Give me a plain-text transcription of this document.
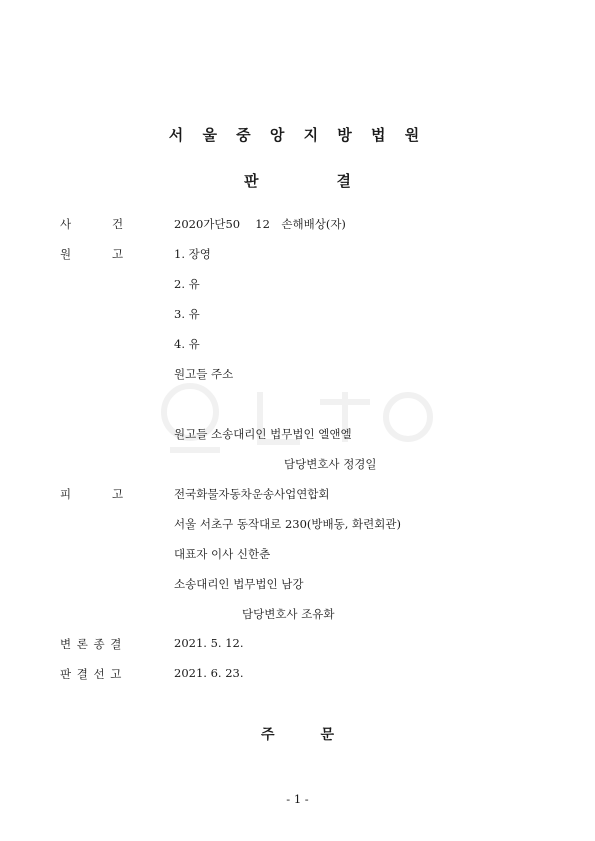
서 울 중 앙 지 방 법 원
판	결
사	건	2020가단50　 12　손해배상(자)
원	고	1. 장영
2. 유
3. 유
4. 유
원고들 주소
원고들 소송대리인 법무법인 엘앤엘
담당변호사 정경일
피	고	전국화물자동차운송사업연합회
서울 서초구 동작대로 230(방배동, 화련회관)
대표자 이사 신한춘
소송대리인 법무법인 남강
담당변호사 조유화
변 론 종 결	2021. 5. 12.
판 결 선 고	2021. 6. 23.
주	문
- 1 -
